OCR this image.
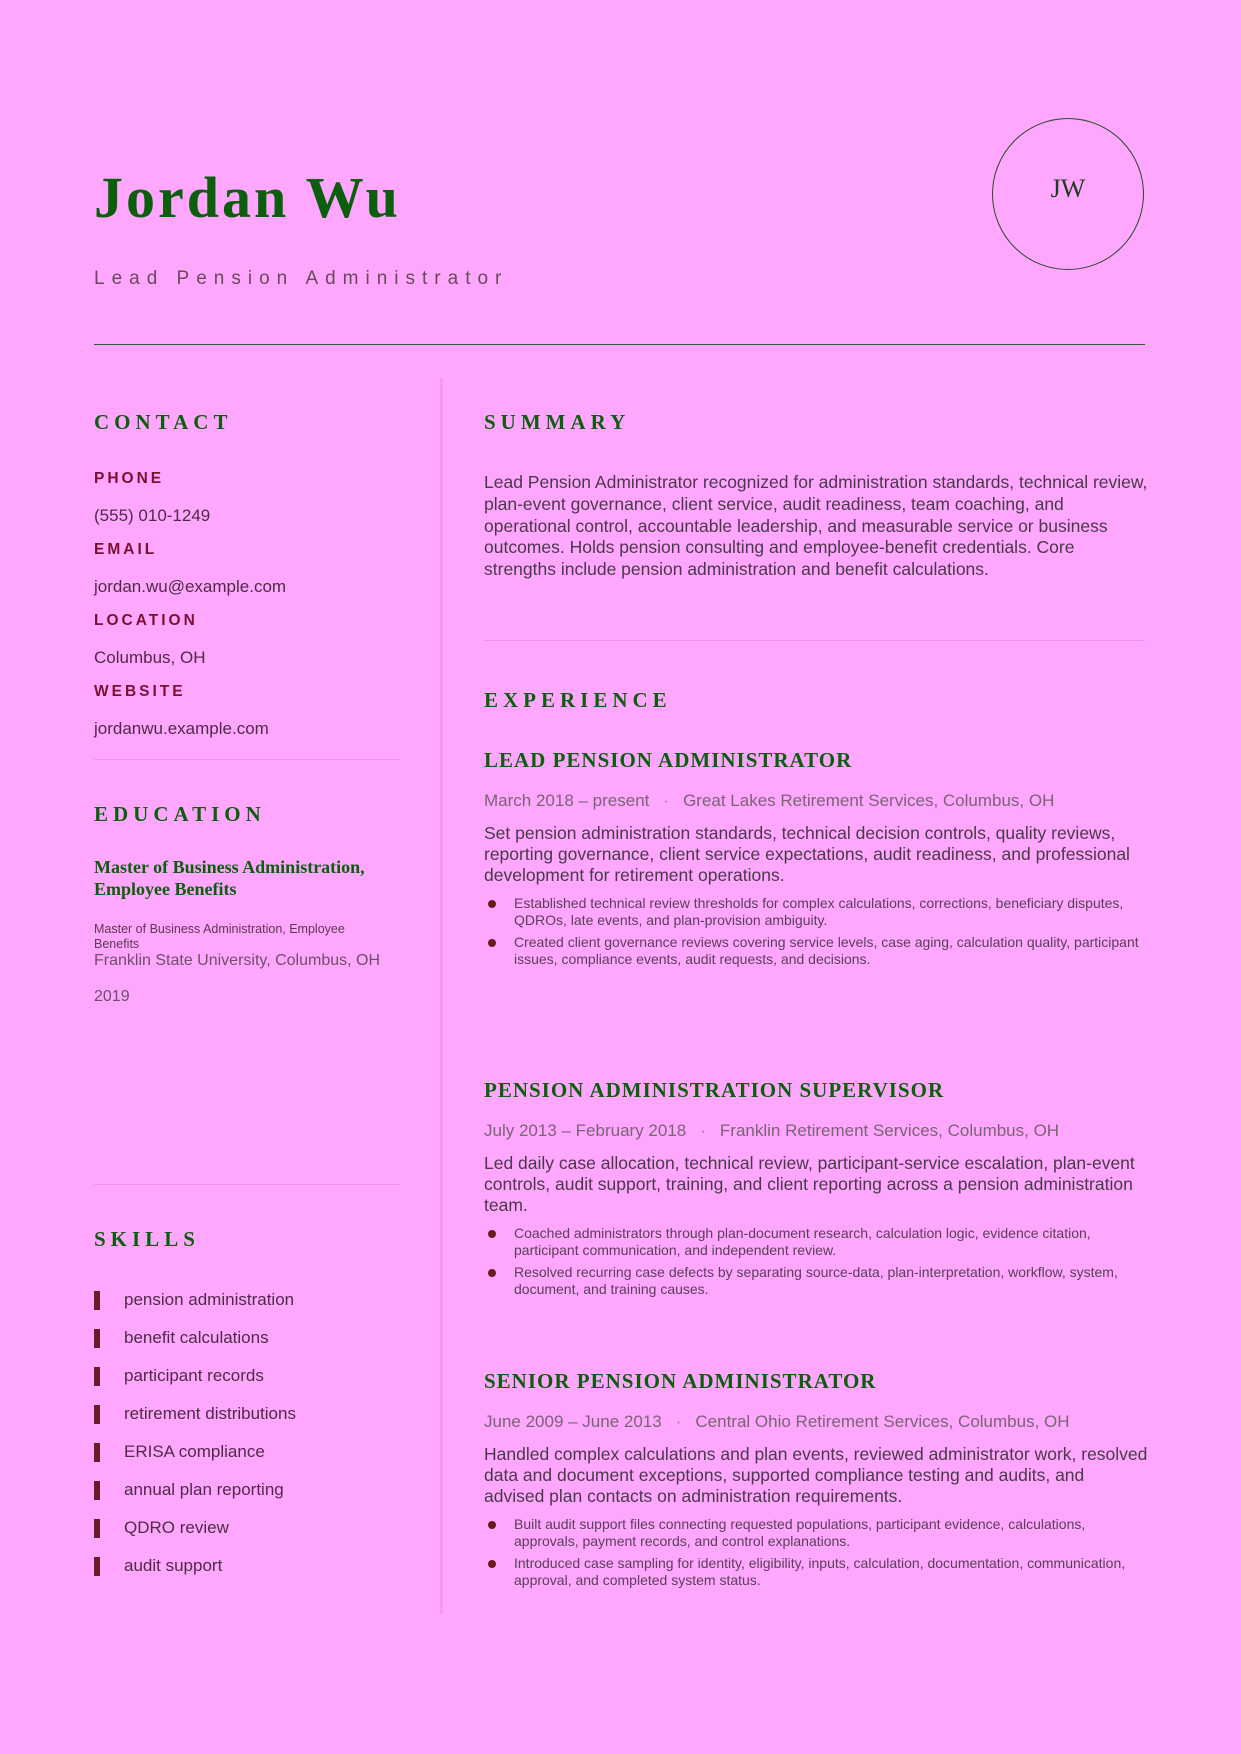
Jordan Wu

Lead Pension Administrator

JW
CONTACT

PHONE

(555) 010-1249

EMAIL

jordan.wu@example.com

LOCATION

Columbus, OH

WEBSITE

jordanwu.example.com

EDUCATION

Master of Business Administration, Employee Benefits

Master of Business Administration, Employee Benefits

Franklin State University, Columbus, OH

2019

SKILLS
pension administration
benefit calculations
participant records
retirement distributions
ERISA compliance
annual plan reporting
QDRO review
audit support
SUMMARY

Lead Pension Administrator recognized for administration standards, technical review, plan-event governance, client service, audit readiness, team coaching, and operational control, accountable leadership, and measurable service or business outcomes. Holds pension consulting and employee-benefit credentials. Core strengths include pension administration and benefit calculations.

EXPERIENCE
LEAD PENSION ADMINISTRATOR

March 2018 – present · Great Lakes Retirement Services, Columbus, OH

Set pension administration standards, technical decision controls, quality reviews, reporting governance, client service expectations, audit readiness, and professional development for retirement operations.

Established technical review thresholds for complex calculations, corrections, beneficiary disputes, QDROs, late events, and plan-provision ambiguity.
Created client governance reviews covering service levels, case aging, calculation quality, participant issues, compliance events, audit requests, and decisions.
PENSION ADMINISTRATION SUPERVISOR

July 2013 – February 2018 · Franklin Retirement Services, Columbus, OH

Led daily case allocation, technical review, participant-service escalation, plan-event controls, audit support, training, and client reporting across a pension administration team.

Coached administrators through plan-document research, calculation logic, evidence citation, participant communication, and independent review.
Resolved recurring case defects by separating source-data, plan-interpretation, workflow, system, document, and training causes.
SENIOR PENSION ADMINISTRATOR

June 2009 – June 2013 · Central Ohio Retirement Services, Columbus, OH

Handled complex calculations and plan events, reviewed administrator work, resolved data and document exceptions, supported compliance testing and audits, and advised plan contacts on administration requirements.

Built audit support files connecting requested populations, participant evidence, calculations, approvals, payment records, and control explanations.
Introduced case sampling for identity, eligibility, inputs, calculation, documentation, communication, approval, and completed system status.
